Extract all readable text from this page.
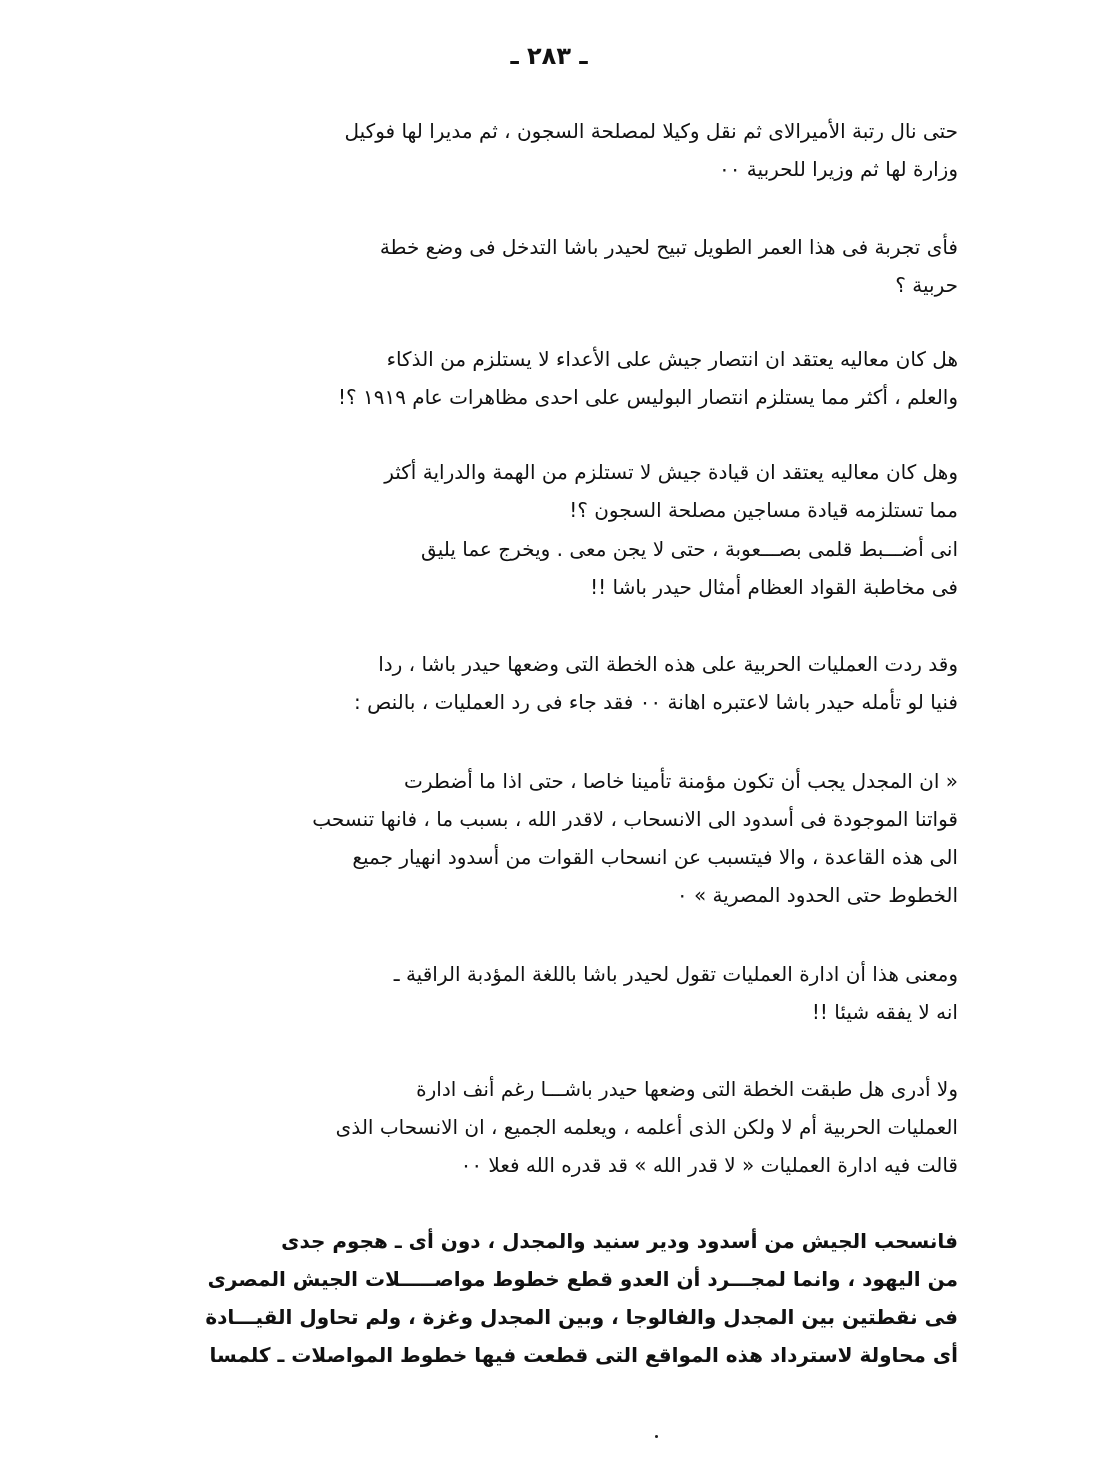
ـ ٢٨٣ ـ
حتى نال رتبة الأميرالاى ثم نقل وكيلا لمصلحة السجون ، ثم مديرا لها فوكيل
وزارة لها ثم وزيرا للحربية ٠٠
فأى تجربة فى هذا العمر الطويل تبيح لحيدر باشا التدخل فى وضع خطة
حربية ؟
هل كان معاليه يعتقد ان انتصار جيش على الأعداء لا يستلزم من الذكاء
والعلم ، أكثر مما يستلزم انتصار البوليس على احدى مظاهرات عام ١٩١٩ ؟!
وهل كان معاليه يعتقد ان قيادة جيش لا تستلزم من الهمة والدراية أكثر
مما تستلزمه قيادة مساجين مصلحة السجون ؟!
انى أضـــبط قلمى بصـــعوبة ، حتى لا يجن معى . ويخرج عما يليق
فى مخاطبة القواد العظام أمثال حيدر باشا !!
وقد ردت العمليات الحربية على هذه الخطة التى وضعها حيدر باشا ، ردا
فنيا لو تأمله حيدر باشا لاعتبره اهانة ٠٠ فقد جاء فى رد العمليات ، بالنص :
« ان المجدل يجب أن تكون مؤمنة تأمينا خاصا ، حتى اذا ما أضطرت
قواتنا الموجودة فى أسدود الى الانسحاب ، لاقدر الله ، بسبب ما ، فانها تنسحب
الى هذه القاعدة ، والا فيتسبب عن انسحاب القوات من أسدود انهيار جميع
الخطوط حتى الحدود المصرية » ٠
ومعنى هذا أن ادارة العمليات تقول لحيدر باشا باللغة المؤدبة الراقية ـ
انه لا يفقه شيئا !!
ولا أدرى هل طبقت الخطة التى وضعها حيدر باشـــا رغم أنف ادارة
العمليات الحربية أم لا ولكن الذى أعلمه ، ويعلمه الجميع ، ان الانسحاب الذى
قالت فيه ادارة العمليات « لا قدر الله » قد قدره الله فعلا ٠٠
فانسحب الجيش من أسدود ودير سنيد والمجدل ، دون أى ـ هجوم جدى
من اليهود ، وانما لمجـــرد أن العدو قطع خطوط مواصـــــلات الجيش المصرى
فى نقطتين بين المجدل والفالوجا ، وبين المجدل وغزة ، ولم تحاول القيـــادة
أى محاولة لاسترداد هذه المواقع التى قطعت فيها خطوط المواصلات ـ كلمسا
